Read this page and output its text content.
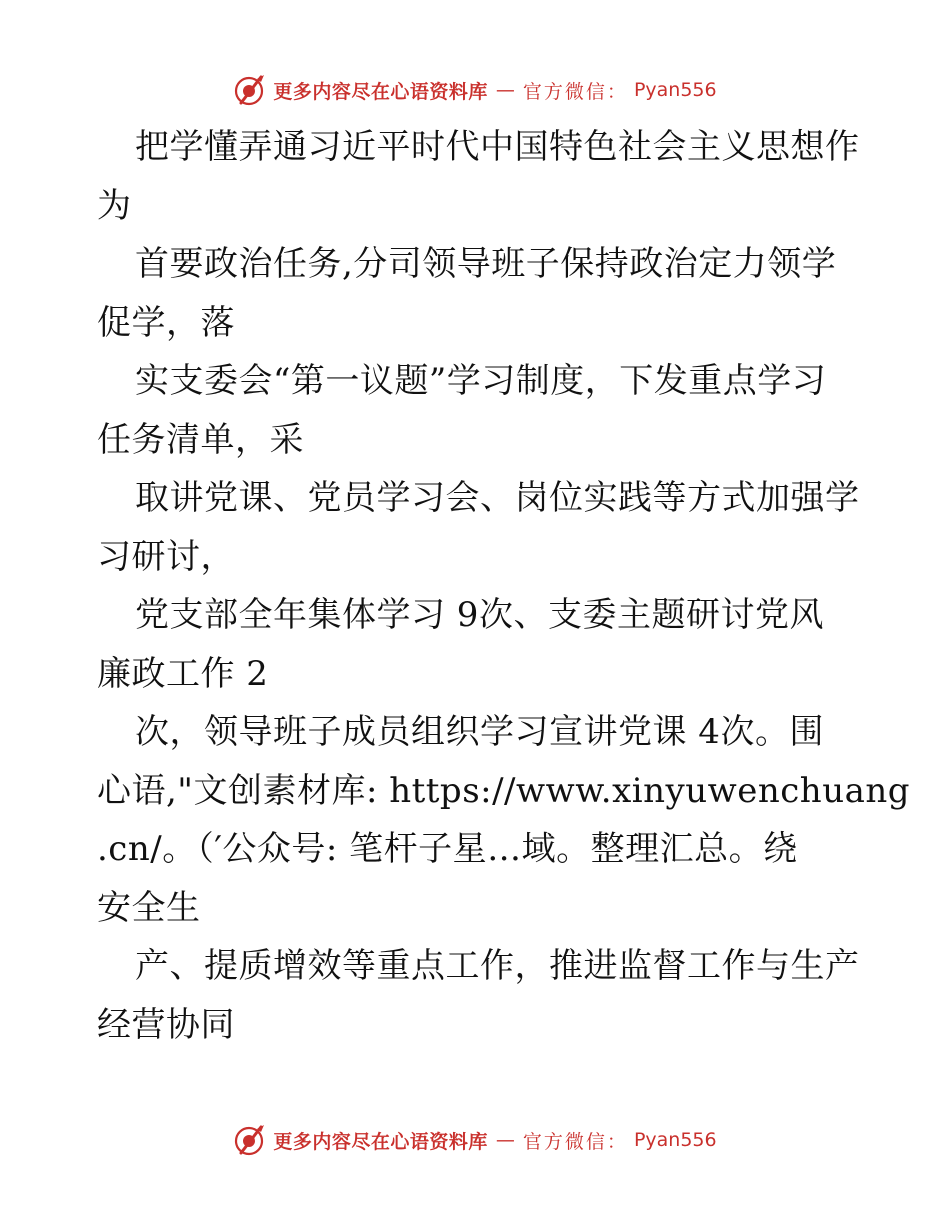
更多内容尽在心语资料库 — 官方微信： Pyan556
把学懂弄通习近平时代中国特色社会主义思想作
为
首要政治任务,分司领导班子保持政治定力领学
促学，落
实支委会“第一议题”学习制度，下发重点学习
任务清单，采
取讲党课、党员学习会、岗位实践等方式加强学
习研讨，
党支部全年集体学习 9次、支委主题研讨党风
廉政工作 2
次，领导班子成员组织学习宣讲党课 4次。围
心语,"文创素材库: https://www.xinyuwenchuang
.cn/。（′公众号: 笔杆子星…域。整理汇总。绕
安全生
产、提质增效等重点工作，推进监督工作与生产
经营协同
更多内容尽在心语资料库 — 官方微信： Pyan556
